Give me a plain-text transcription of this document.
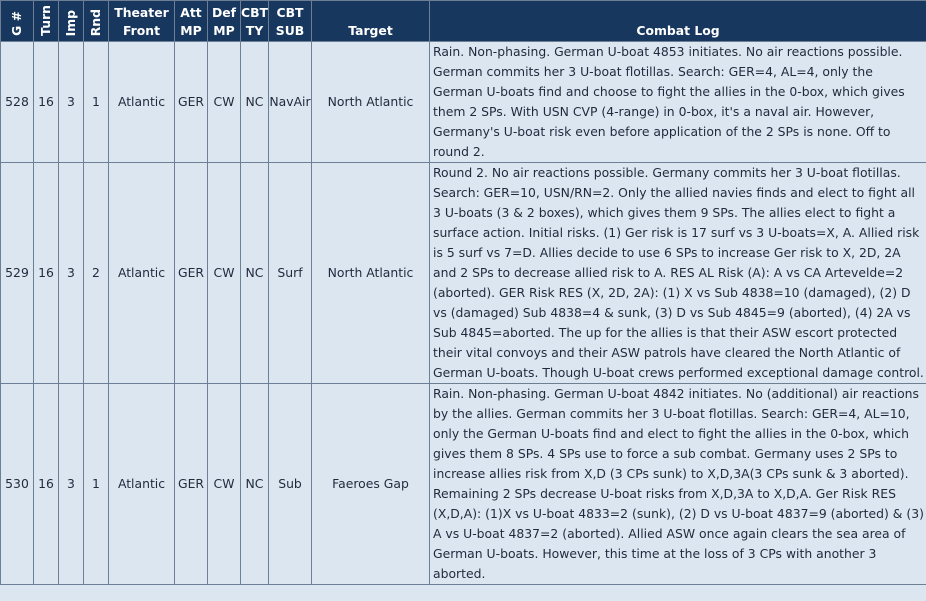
G #	Turn	Imp	Rnd	Theater Front	Att MP	Def MP	CBT TY	CBT SUB	Target	Combat Log
528	16	3	1	Atlantic	GER	CW	NC	NavAir	North Atlantic	Rain. Non-phasing. German U-boat 4853 initiates. No air reactions possible. German commits her 3 U-boat flotillas. Search: GER=4, AL=4, only the German U-boats find and choose to fight the allies in the 0-box, which gives them 2 SPs. With USN CVP (4-range) in 0-box, it's a naval air. However, Germany's U-boat risk even before application of the 2 SPs is none. Off to round 2.
529	16	3	2	Atlantic	GER	CW	NC	Surf	North Atlantic	Round 2. No air reactions possible. Germany commits her 3 U-boat flotillas. Search: GER=10, USN/RN=2. Only the allied navies finds and elect to fight all 3 U-boats (3 & 2 boxes), which gives them 9 SPs. The allies elect to fight a surface action. Initial risks. (1) Ger risk is 17 surf vs 3 U-boats=X, A. Allied risk is 5 surf vs 7=D. Allies decide to use 6 SPs to increase Ger risk to X, 2D, 2A and 2 SPs to decrease allied risk to A. RES AL Risk (A): A vs CA Artevelde=2 (aborted). GER Risk RES (X, 2D, 2A): (1) X vs Sub 4838=10 (damaged), (2) D vs (damaged) Sub 4838=4 & sunk, (3) D vs Sub 4845=9 (aborted), (4) 2A vs Sub 4845=aborted. The up for the allies is that their ASW escort protected their vital convoys and their ASW patrols have cleared the North Atlantic of German U-boats. Though U-boat crews performed exceptional damage control.
530	16	3	1	Atlantic	GER	CW	NC	Sub	Faeroes Gap	Rain. Non-phasing. German U-boat 4842 initiates. No (additional) air reactions by the allies. German commits her 3 U-boat flotillas. Search: GER=4, AL=10, only the German U-boats find and elect to fight the allies in the 0-box, which gives them 8 SPs. 4 SPs use to force a sub combat. Germany uses 2 SPs to increase allies risk from X,D (3 CPs sunk) to X,D,3A(3 CPs sunk & 3 aborted). Remaining 2 SPs decrease U-boat risks from X,D,3A to X,D,A. Ger Risk RES (X,D,A): (1)X vs U-boat 4833=2 (sunk), (2) D vs U-boat 4837=9 (aborted) & (3) A vs U-boat 4837=2 (aborted). Allied ASW once again clears the sea area of German U-boats. However, this time at the loss of 3 CPs with another 3 aborted.
